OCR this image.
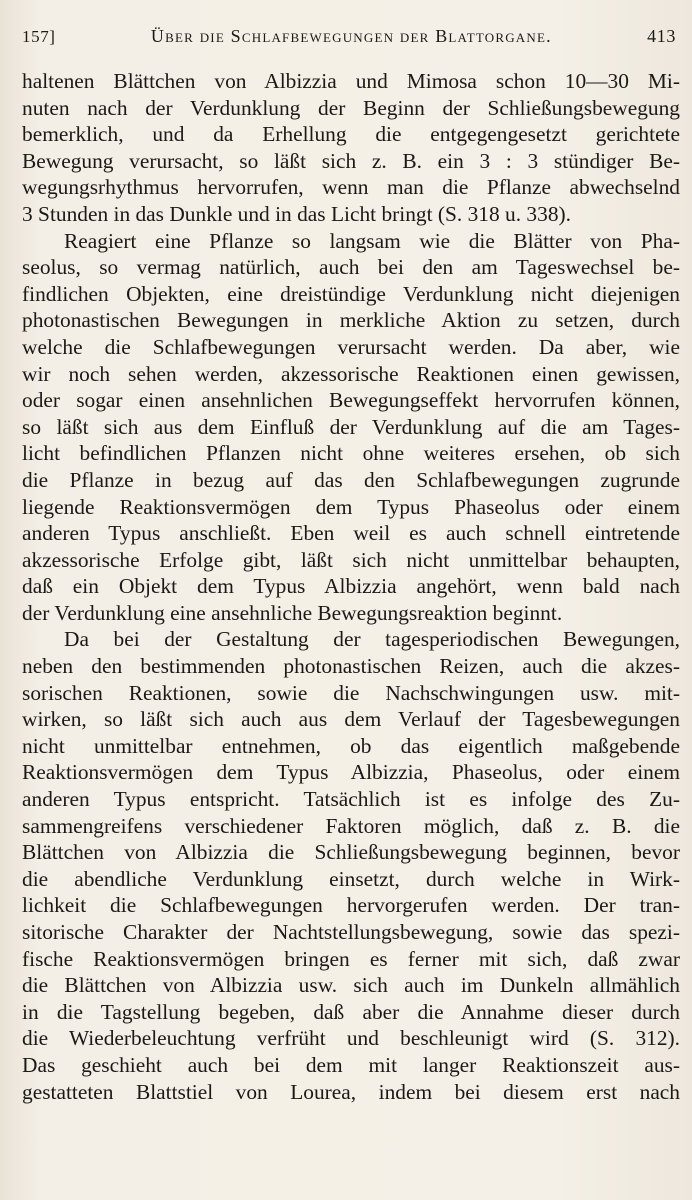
157]	Über die Schlafbewegungen der Blattorgane.	413
haltenen Blättchen von Albizzia und Mimosa schon 10—30 Mi-
nuten nach der Verdunklung der Beginn der Schließungsbewegung
bemerklich, und da Erhellung die entgegengesetzt gerichtete
Bewegung verursacht, so läßt sich z. B. ein 3 : 3 stündiger Be-
wegungsrhythmus hervorrufen, wenn man die Pflanze abwechselnd
3 Stunden in das Dunkle und in das Licht bringt (S. 318 u. 338).
Reagiert eine Pflanze so langsam wie die Blätter von Pha-
seolus, so vermag natürlich, auch bei den am Tageswechsel be-
findlichen Objekten, eine dreistündige Verdunklung nicht diejenigen
photonastischen Bewegungen in merkliche Aktion zu setzen, durch
welche die Schlafbewegungen verursacht werden. Da aber, wie
wir noch sehen werden, akzessorische Reaktionen einen gewissen,
oder sogar einen ansehnlichen Bewegungseffekt hervorrufen können,
so läßt sich aus dem Einfluß der Verdunklung auf die am Tages-
licht befindlichen Pflanzen nicht ohne weiteres ersehen, ob sich
die Pflanze in bezug auf das den Schlafbewegungen zugrunde
liegende Reaktionsvermögen dem Typus Phaseolus oder einem
anderen Typus anschließt. Eben weil es auch schnell eintretende
akzessorische Erfolge gibt, läßt sich nicht unmittelbar behaupten,
daß ein Objekt dem Typus Albizzia angehört, wenn bald nach
der Verdunklung eine ansehnliche Bewegungsreaktion beginnt.
Da bei der Gestaltung der tagesperiodischen Bewegungen,
neben den bestimmenden photonastischen Reizen, auch die akzes-
sorischen Reaktionen, sowie die Nachschwingungen usw. mit-
wirken, so läßt sich auch aus dem Verlauf der Tagesbewegungen
nicht unmittelbar entnehmen, ob das eigentlich maßgebende
Reaktionsvermögen dem Typus Albizzia, Phaseolus, oder einem
anderen Typus entspricht. Tatsächlich ist es infolge des Zu-
sammengreifens verschiedener Faktoren möglich, daß z. B. die
Blättchen von Albizzia die Schließungsbewegung beginnen, bevor
die abendliche Verdunklung einsetzt, durch welche in Wirk-
lichkeit die Schlafbewegungen hervorgerufen werden. Der tran-
sitorische Charakter der Nachtstellungsbewegung, sowie das spezi-
fische Reaktionsvermögen bringen es ferner mit sich, daß zwar
die Blättchen von Albizzia usw. sich auch im Dunkeln allmählich
in die Tagstellung begeben, daß aber die Annahme dieser durch
die Wiederbeleuchtung verfrüht und beschleunigt wird (S. 312).
Das geschieht auch bei dem mit langer Reaktionszeit aus-
gestatteten Blattstiel von Lourea, indem bei diesem erst nach
